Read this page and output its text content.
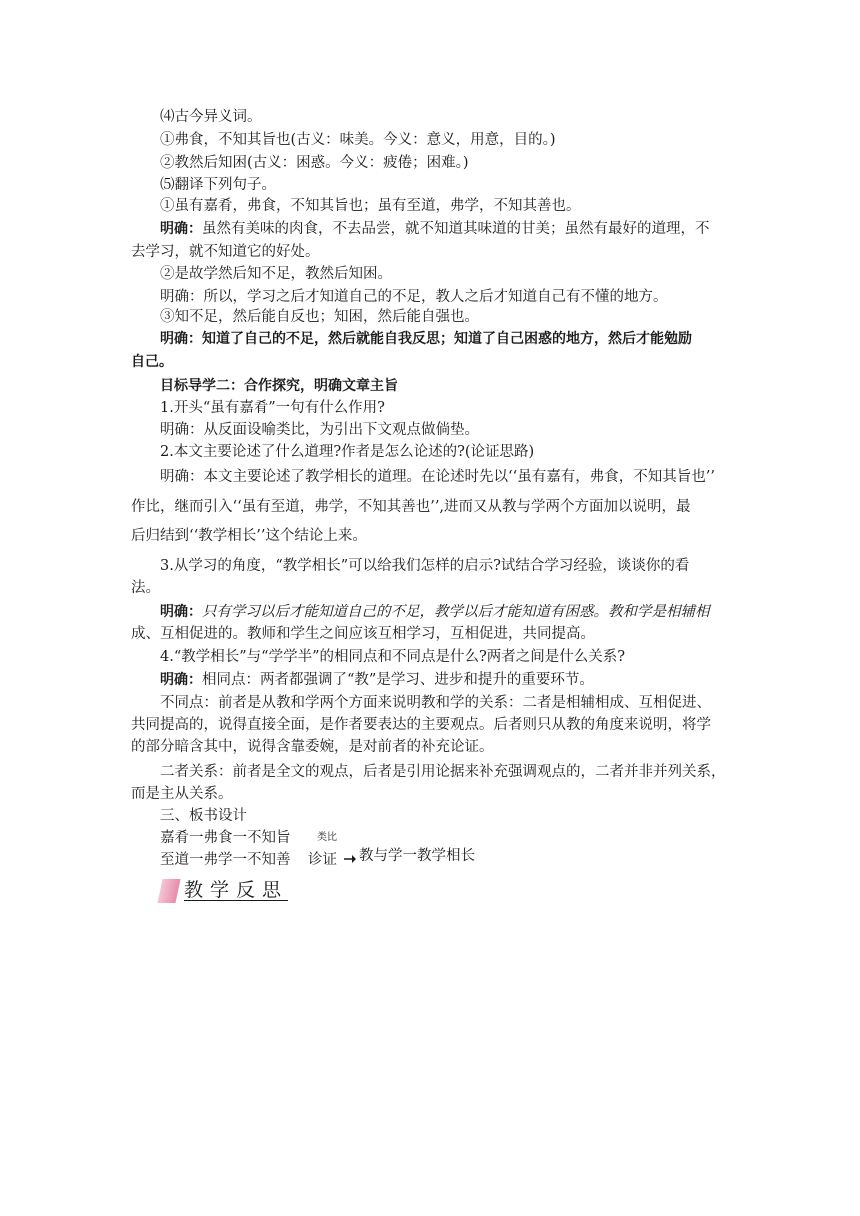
⑷古今异义词。
①弗食，不知其旨也(古义：味美。今义：意义，用意，目的。)
②教然后知困(古义：困惑。今义：疲倦；困难。)
⑸翻译下列句子。
①虽有嘉肴，弗食，不知其旨也；虽有至道，弗学，不知其善也。
明确：虽然有美味的肉食，不去品尝，就不知道其味道的甘美；虽然有最好的道理，不
去学习，就不知道它的好处。
②是故学然后知不足，教然后知困。
明确：所以，学习之后才知道自己的不足，教人之后才知道自己有不懂的地方。
③知不足，然后能自反也；知困，然后能自强也。
明确：知道了自己的不足，然后就能自我反思；知道了自己困惑的地方，然后才能勉励
自己。
目标导学二：合作探究，明确文章主旨
1.开头“虽有嘉肴”一句有什么作用?
明确：从反面设喻类比，为引出下文观点做倘垫。
2.本文主要论述了什么道理?作者是怎么论述的?(论证思路)
明确：本文主要论述了教学相长的道理。在论述时先以‘‘虽有嘉有，弗食，不知其旨也’’
作比，继而引入‘‘虽有至道，弗学，不知其善也’’,进而又从教与学两个方面加以说明，最
后归结到‘‘教学相长’’这个结论上来。
3.从学习的角度，“教学相长”可以给我们怎样的启示?试结合学习经验，谈谈你的看
法。
明确：只有学习以后才能知道自己的不足，教学以后才能知道有困惑。教和学是相辅相
成、互相促进的。教师和学生之间应该互相学习，互相促进，共同提高。
4.“教学相长”与“学学半”的相同点和不同点是什么?两者之间是什么关系?
明确：相同点：两者都强调了“教”是学习、进步和提升的重要环节。
不同点：前者是从教和学两个方面来说明教和学的关系：二者是相辅相成、互相促进、
共同提高的，说得直接全面，是作者要表达的主要观点。后者则只从教的角度来说明，将学
的部分暗含其中，说得含靠委婉，是对前者的补充论证。
二者关系：前者是全文的观点，后者是引用论据来补充强调观点的，二者并非并列关系，
而是主从关系。
三、板书设计
嘉肴一弗食一不知旨	类比
至道一弗学一不知善 诊证 教与学一教学相长
教学反思
